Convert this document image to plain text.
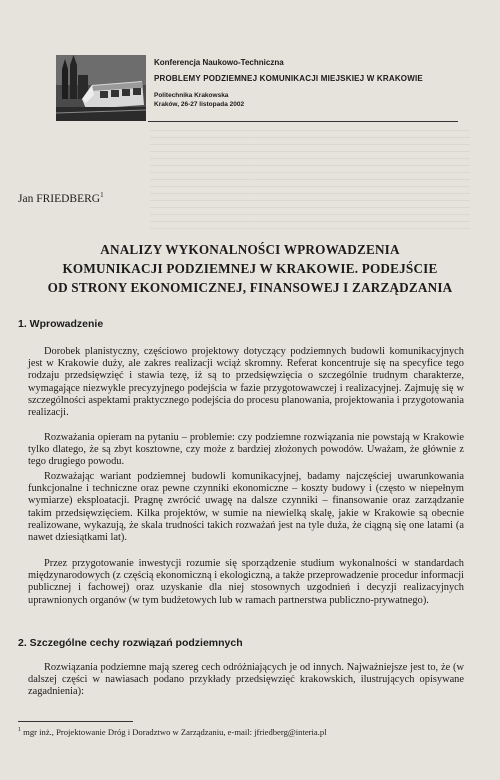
Konferencja Naukowo-Techniczna
PROBLEMY PODZIEMNEJ KOMUNIKACJI MIEJSKIEJ W KRAKOWIE
Politechnika Krakowska
Kraków, 26-27 listopada 2002
Jan FRIEDBERG$^1$
ANALIZY WYKONALNOŚCI WPROWADZENIA
KOMUNIKACJI PODZIEMNEJ W KRAKOWIE. PODEJŚCIE
OD STRONY EKONOMICZNEJ, FINANSOWEJ I ZARZĄDZANIA
1. Wprowadzenie

Dorobek planistyczny, częściowo projektowy dotyczący podziemnych budowli komunikacyjnych jest w Krakowie duży, ale zakres realizacji wciąż skromny. Referat koncentruje się na specyfice tego rodzaju przedsięwzięć i stawia tezę, iż są to przedsięwzięcia o szczególnie trudnym charakterze, wymagające niezwykle precyzyjnego podejścia w fazie przygotowawczej i realizacyjnej. Zajmuję się w szczególności aspektami praktycznego podejścia do procesu planowania, projektowania i przygotowania realizacji.

Rozważania opieram na pytaniu – problemie: czy podziemne rozwiązania nie powstają w Krakowie tylko dlatego, że są zbyt kosztowne, czy może z bardziej złożonych powodów. Uważam, że głównie z tego drugiego powodu.

Rozważając wariant podziemnej budowli komunikacyjnej, badamy najczęściej uwarunkowania funkcjonalne i techniczne oraz pewne czynniki ekonomiczne – koszty budowy i (często w niepełnym wymiarze) eksploatacji. Pragnę zwrócić uwagę na dalsze czynniki – finansowanie oraz zarządzanie takim przedsięwzięciem. Kilka projektów, w sumie na niewielką skalę, jakie w Krakowie są obecnie realizowane, wykazują, że skala trudności takich rozważań jest na tyle duża, że ciągną się one latami (a nawet dziesiątkami lat).

Przez przygotowanie inwestycji rozumie się sporządzenie studium wykonalności w standardach międzynarodowych (z częścią ekonomiczną i ekologiczną, a także przeprowadzenie procedur informacji publicznej i fachowej) oraz uzyskanie dla niej stosownych uzgodnień i decyzji realizacyjnych uprawnionych organów (w tym budżetowych lub w ramach partnerstwa publiczno-prywatnego).

2. Szczególne cechy rozwiązań podziemnych

Rozwiązania podziemne mają szereg cech odróżniających je od innych. Najważniejsze jest to, że (w dalszej części w nawiasach podano przykłady przedsięwzięć krakowskich, ilustrujących opisywane zagadnienia):

$^1$ mgr inż., Projektowanie Dróg i Doradztwo w Zarządzaniu, e-mail: jfriedberg@interia.pl
